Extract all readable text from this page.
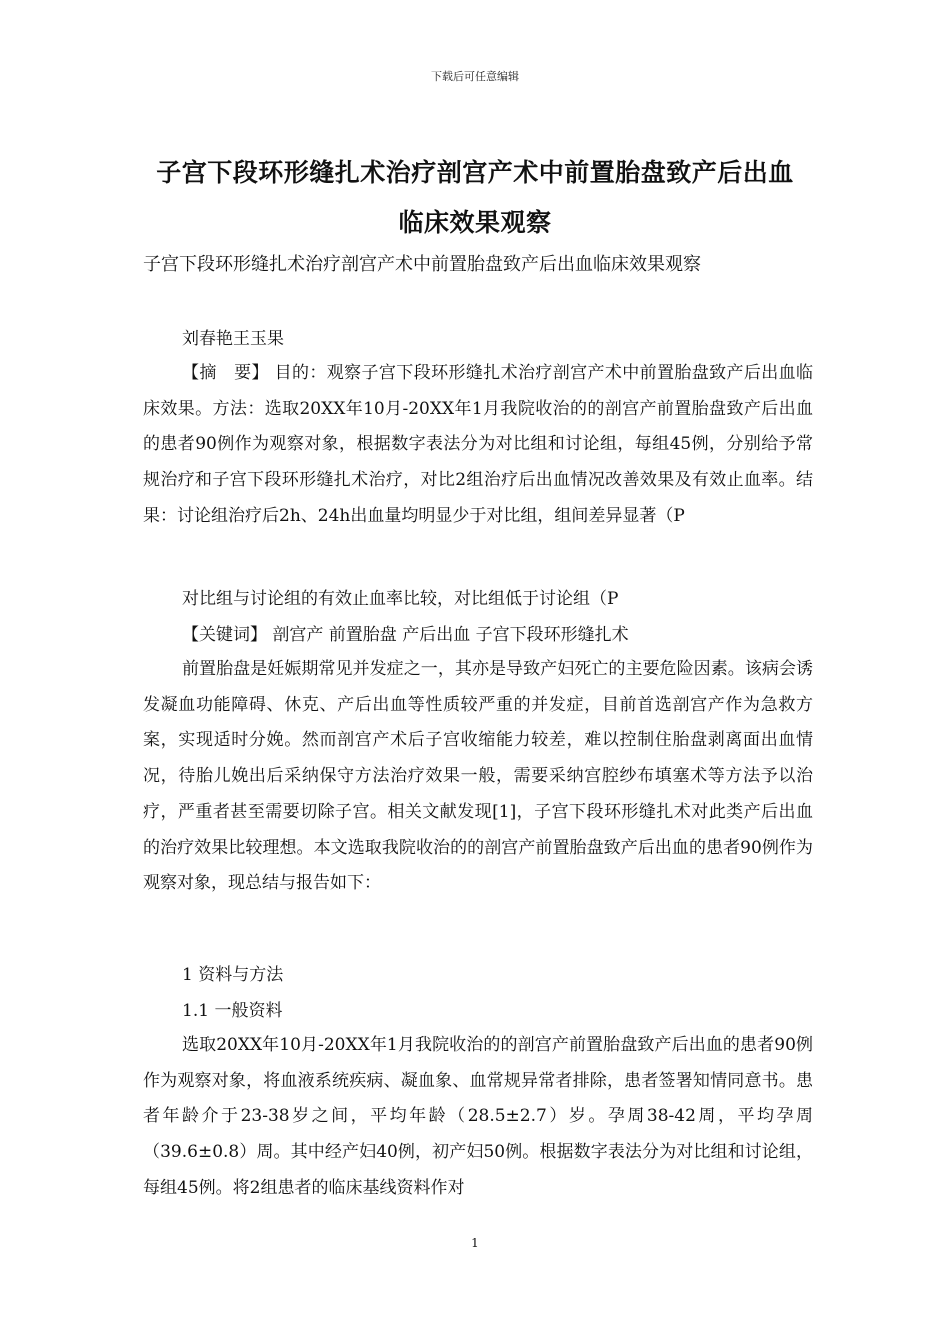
下载后可任意编辑
子宫下段环形缝扎术治疗剖宫产术中前置胎盘致产后出血
临床效果观察
子宫下段环形缝扎术治疗剖宫产术中前置胎盘致产后出血临床效果观察
刘春艳王玉果
【摘　要】 目的：观察子宫下段环形缝扎术治疗剖宫产术中前置胎盘致产后出血临床效果。方法：选取20XX年10月-20XX年1月我院收治的的剖宫产前置胎盘致产后出血的患者90例作为观察对象，根据数字表法分为对比组和讨论组，每组45例，分别给予常规治疗和子宫下段环形缝扎术治疗，对比2组治疗后出血情况改善效果及有效止血率。结果：讨论组治疗后2h、24h出血量均明显少于对比组，组间差异显著（P
对比组与讨论组的有效止血率比较，对比组低于讨论组（P
【关键词】 剖宫产 前置胎盘 产后出血 子宫下段环形缝扎术
前置胎盘是妊娠期常见并发症之一，其亦是导致产妇死亡的主要危险因素。该病会诱发凝血功能障碍、休克、产后出血等性质较严重的并发症，目前首选剖宫产作为急救方案，实现适时分娩。然而剖宫产术后子宫收缩能力较差，难以控制住胎盘剥离面出血情况，待胎儿娩出后采纳保守方法治疗效果一般，需要采纳宫腔纱布填塞术等方法予以治疗，严重者甚至需要切除子宫。相关文献发现[1]，子宫下段环形缝扎术对此类产后出血的治疗效果比较理想。本文选取我院收治的的剖宫产前置胎盘致产后出血的患者90例作为观察对象，现总结与报告如下：
1 资料与方法
1.1 一般资料
选取20XX年10月-20XX年1月我院收治的的剖宫产前置胎盘致产后出血的患者90例作为观察对象，将血液系统疾病、凝血象、血常规异常者排除，患者签署知情同意书。患者年龄介于23-38岁之间，平均年龄（28.5±2.7）岁。孕周38-42周，平均孕周（39.6±0.8）周。其中经产妇40例，初产妇50例。根据数字表法分为对比组和讨论组，每组45例。将2组患者的临床基线资料作对
1
